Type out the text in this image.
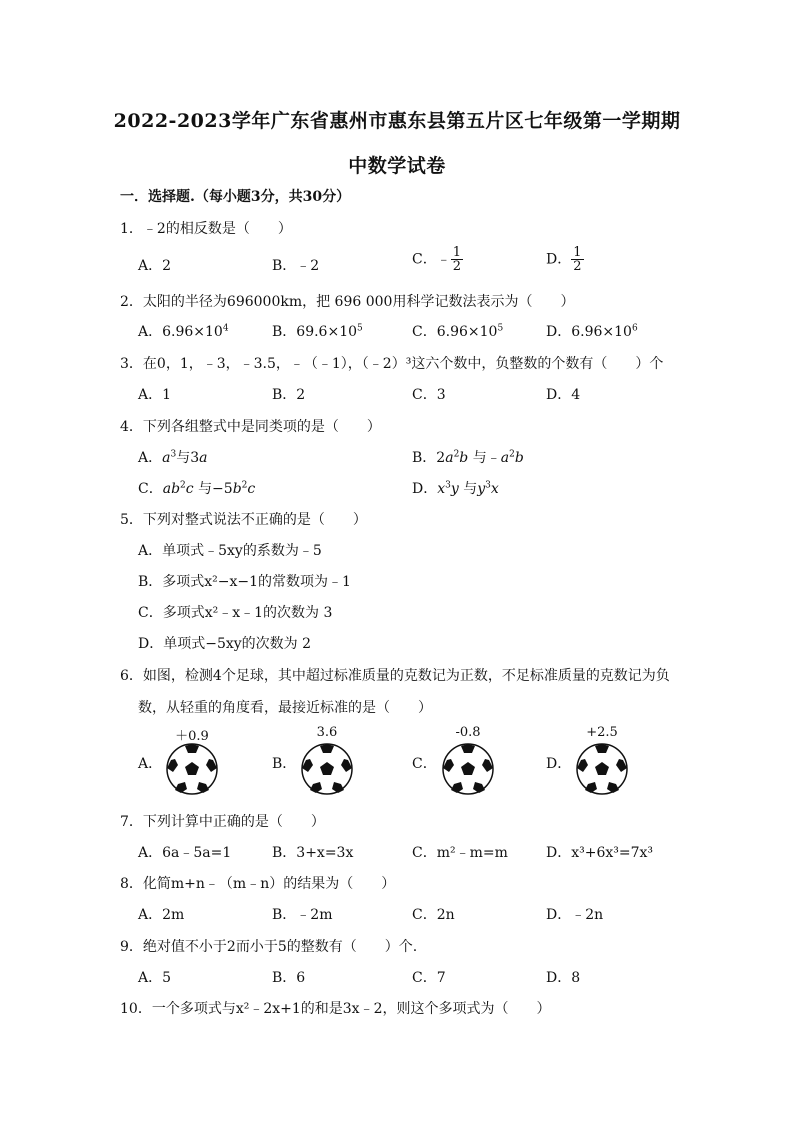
2022-2023学年广东省惠州市惠东县第五片区七年级第一学期期
中数学试卷
一．选择题.（每小题3分，共30分）
1．﹣2的相反数是（　　）
A．2	B．﹣2	C．﹣ $\frac{1}{2}$	D． $\frac{1}{2}$
2．太阳的半径为696000km，把 696 000用科学记数法表示为（　　）
A．$6.96\times 10^4$	B．$69.6\times 10^5$	C．$6.96\times 10^5$	D．$6.96\times 10^6$
3．在0，1，﹣3，﹣3.5，﹣（﹣1），（﹣2）³这六个数中，负整数的个数有（　　）个
A．1	B．2	C．3	D．4
4．下列各组整式中是同类项的是（　　）
A．$a^3$与3a	B．$2a^2b$ 与$﹣a^2b$
C．$ab^2c$ 与$-5b^2c$	D．$x^3y$ 与$y^3x$
5．下列对整式说法不正确的是（　　）
A．单项式﹣5xy的系数为﹣5
B．多项式x²−x−1的常数项为﹣1
C．多项式x²﹣x﹣1的次数为 3
D．单项式−5xy的次数为 2
6．如图，检测4个足球，其中超过标准质量的克数记为正数，不足标准质量的克数记为负
数，从轻重的角度看，最接近标准的是（　　）
A．	B．	C．	D．
＋0.9	3.6	-0.8	+2.5
7．下列计算中正确的是（　　）
A．6a﹣5a=1	B．3+x=3x	C．m²﹣m=m	D．x³+6x³=7x³
8．化简m+n﹣（m﹣n）的结果为（　　）
A．2m	B．﹣2m	C．2n	D．﹣2n
9．绝对值不小于2而小于5的整数有（　　）个.
A．5	B．6	C．7	D．8
10．一个多项式与x²﹣2x+1的和是3x﹣2，则这个多项式为（　　）
